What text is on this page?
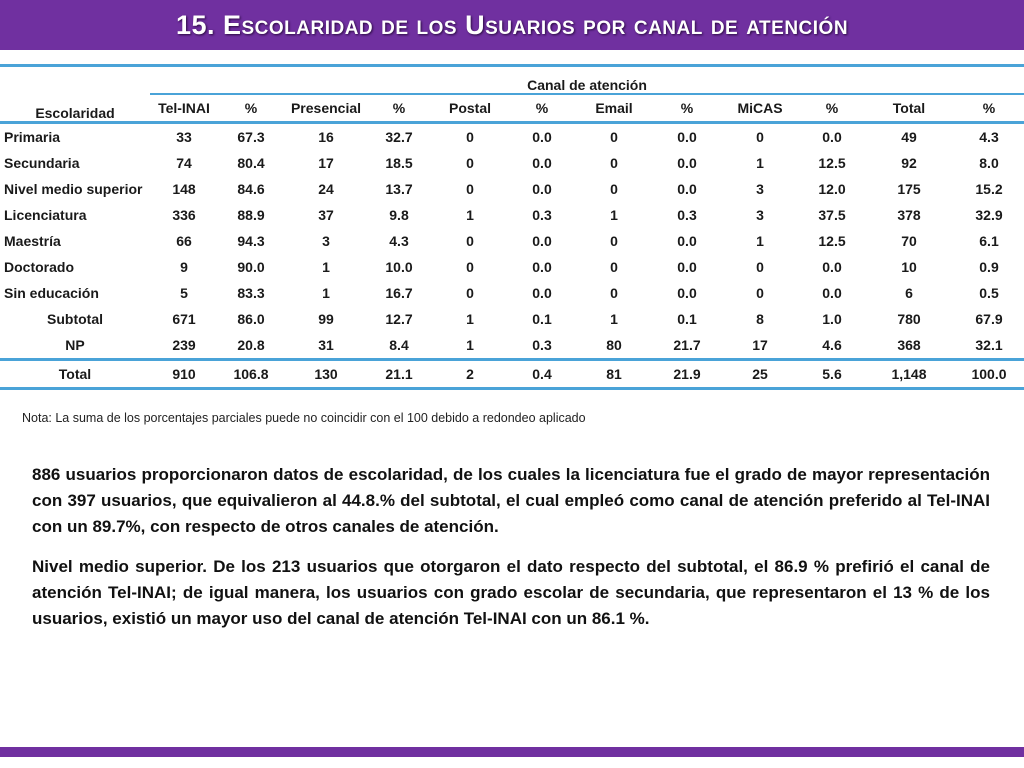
15. Escolaridad de los Usuarios por canal de atención
Escolaridad	Canal de atención											
	Tel-INAI	%	Presencial	%	Postal	%	Email	%	MiCAS	%	Total	%
Primaria	33	67.3	16	32.7	0	0.0	0	0.0	0	0.0	49	4.3
Secundaria	74	80.4	17	18.5	0	0.0	0	0.0	1	12.5	92	8.0
Nivel medio superior	148	84.6	24	13.7	0	0.0	0	0.0	3	12.0	175	15.2
Licenciatura	336	88.9	37	9.8	1	0.3	1	0.3	3	37.5	378	32.9
Maestría	66	94.3	3	4.3	0	0.0	0	0.0	1	12.5	70	6.1
Doctorado	9	90.0	1	10.0	0	0.0	0	0.0	0	0.0	10	0.9
Sin educación	5	83.3	1	16.7	0	0.0	0	0.0	0	0.0	6	0.5
Subtotal	671	86.0	99	12.7	1	0.1	1	0.1	8	1.0	780	67.9
NP	239	20.8	31	8.4	1	0.3	80	21.7	17	4.6	368	32.1
Total	910	106.8	130	21.1	2	0.4	81	21.9	25	5.6	1,148	100.0
Nota: La suma de los porcentajes parciales puede no coincidir con el 100 debido a redondeo aplicado

886 usuarios proporcionaron datos de escolaridad, de los cuales la licenciatura fue el grado de mayor representación con 397 usuarios, que equivalieron al 44.8.% del subtotal, el cual empleó como canal de atención preferido al Tel-INAI con un 89.7%, con respecto de otros canales de atención.

Nivel medio superior. De los 213 usuarios que otorgaron el dato respecto del subtotal, el 86.9 % prefirió el canal de atención Tel-INAI; de igual manera, los usuarios con grado escolar de secundaria, que representaron el 13 % de los usuarios, existió un mayor uso del canal de atención Tel-INAI con un 86.1 %.
